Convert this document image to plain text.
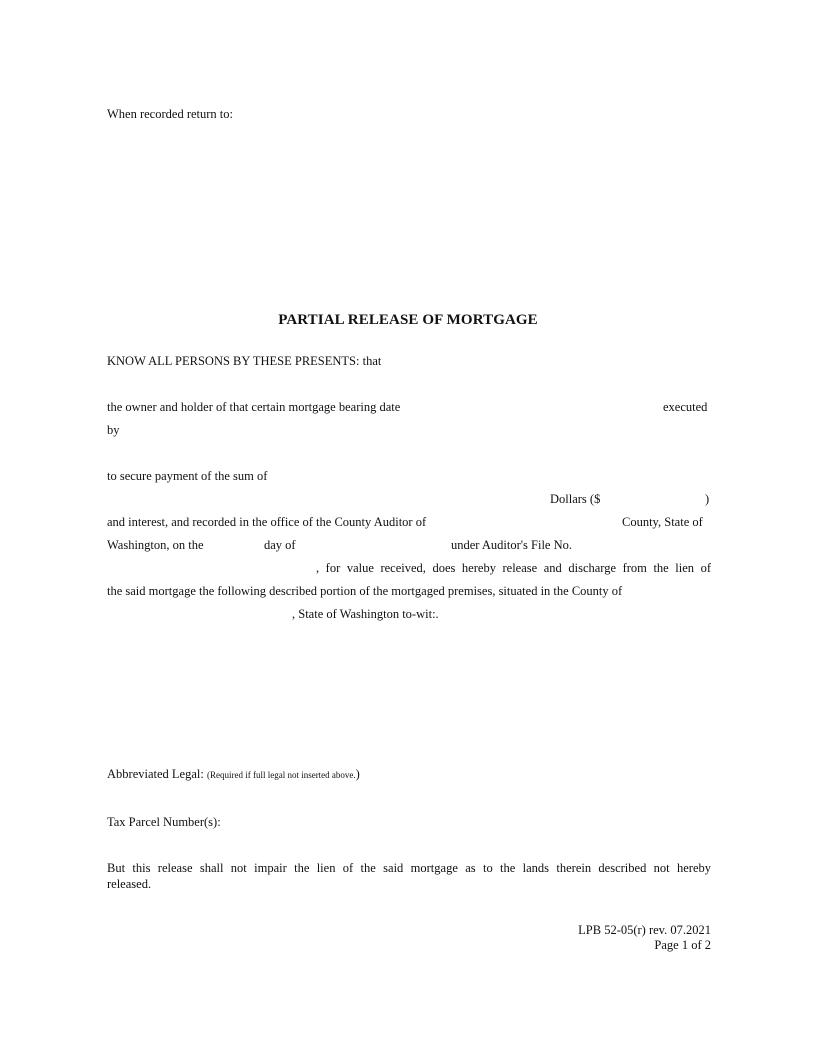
When recorded return to:
PARTIAL RELEASE OF MORTGAGE
KNOW ALL PERSONS BY THESE PRESENTS: that
the owner and holder of that certain mortgage bearing date	executed
by
to secure payment of the sum of
Dollars ($	)
and interest, and recorded in the office of the County Auditor of	County, State of
Washington, on the	day of	under Auditor's File No.
, for value received, does hereby release and discharge from the lien of
the said mortgage the following described portion of the mortgaged premises, situated in the County of
, State of Washington to-wit:.
Abbreviated Legal: (Required if full legal not inserted above.)
Tax Parcel Number(s):
But this release shall not impair the lien of the said mortgage as to the lands therein described not hereby
released.
LPB 52-05(r) rev. 07.2021
Page 1 of 2
